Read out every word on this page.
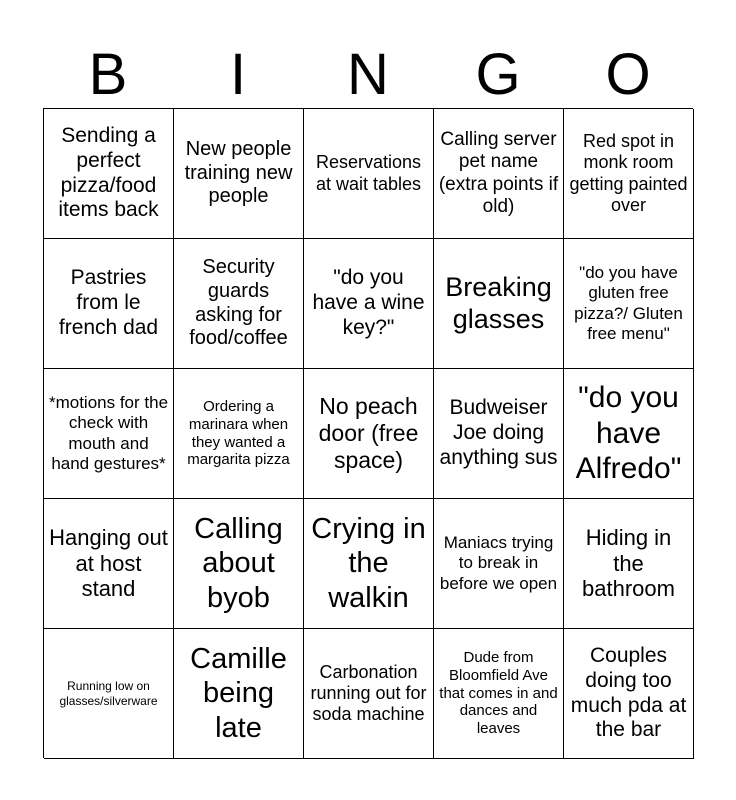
B	I	N	G	O
Sending a perfect pizza/food items back
New people training new people
Reservations at wait tables
Calling server pet name (extra points if old)
Red spot in monk room getting painted over
Pastries from le french dad
Security guards asking for food/coffee
"do you have a wine key?"
Breaking glasses
"do you have gluten free pizza?/ Gluten free menu"
*motions for the check with mouth and hand gestures*
Ordering a marinara when they wanted a margarita pizza
No peach door (free space)
Budweiser Joe doing anything sus
"do you have Alfredo"
Hanging out at host stand
Calling about byob
Crying in the walkin
Maniacs trying to break in before we open
Hiding in the bathroom
Running low on glasses/silverware
Camille being late
Carbonation running out for soda machine
Dude from Bloomfield Ave that comes in and dances and leaves
Couples doing too much pda at the bar
